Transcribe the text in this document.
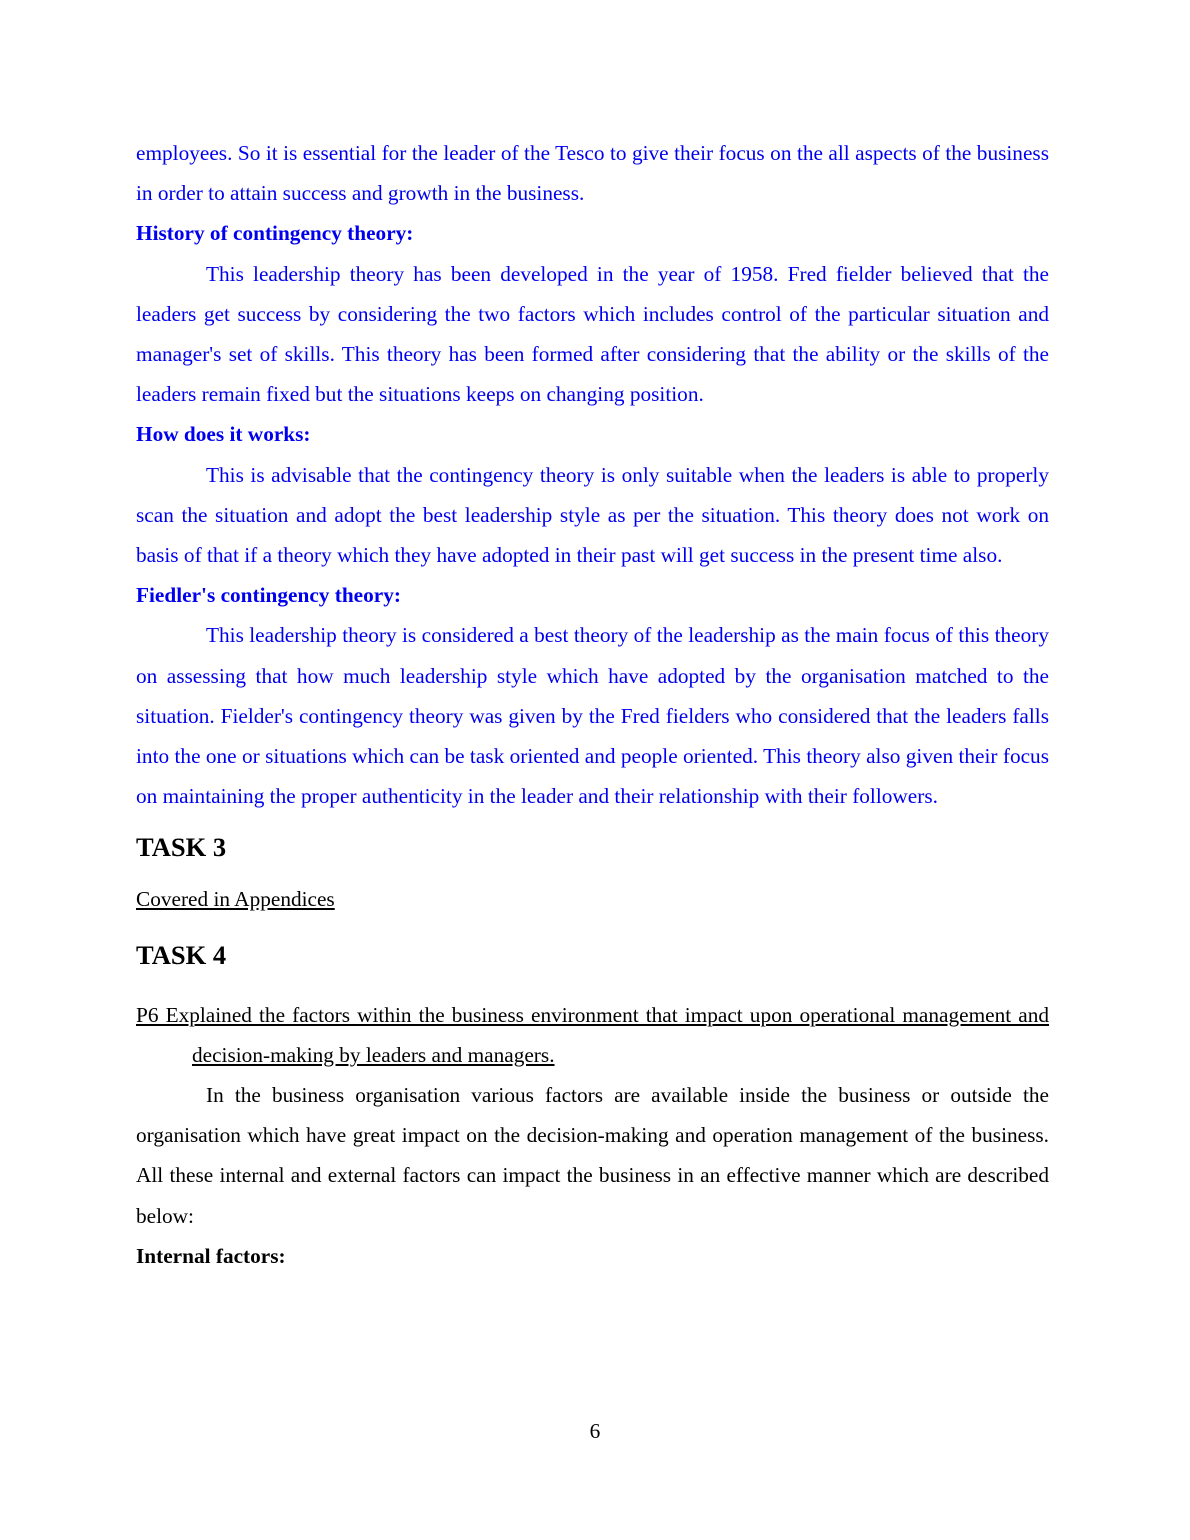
employees. So it is essential for the leader of the Tesco to give their focus on the all aspects of the business in order to attain success and growth in the business.

History of contingency theory:

This leadership theory has been developed in the year of 1958. Fred fielder believed that the leaders get success by considering the two factors which includes control of the particular situation and manager's set of skills. This theory has been formed after considering that the ability or the skills of the leaders remain fixed but the situations keeps on changing position.

How does it works:

This is advisable that the contingency theory is only suitable when the leaders is able to properly scan the situation and adopt the best leadership style as per the situation. This theory does not work on basis of that if a theory which they have adopted in their past will get success in the present time also.

Fiedler's contingency theory:

This leadership theory is considered a best theory of the leadership as the main focus of this theory on assessing that how much leadership style which have adopted by the organisation matched to the situation. Fielder's contingency theory was given by the Fred fielders who considered that the leaders falls into the one or situations which can be task oriented and people oriented. This theory also given their focus on maintaining the proper authenticity in the leader and their relationship with their followers.

TASK 3

Covered in Appendices

TASK 4

P6 Explained the factors within the business environment that impact upon operational management and decision-making by leaders and managers.

In the business organisation various factors are available inside the business or outside the organisation which have great impact on the decision-making and operation management of the business. All these internal and external factors can impact the business in an effective manner which are described below:

Internal factors:
6
